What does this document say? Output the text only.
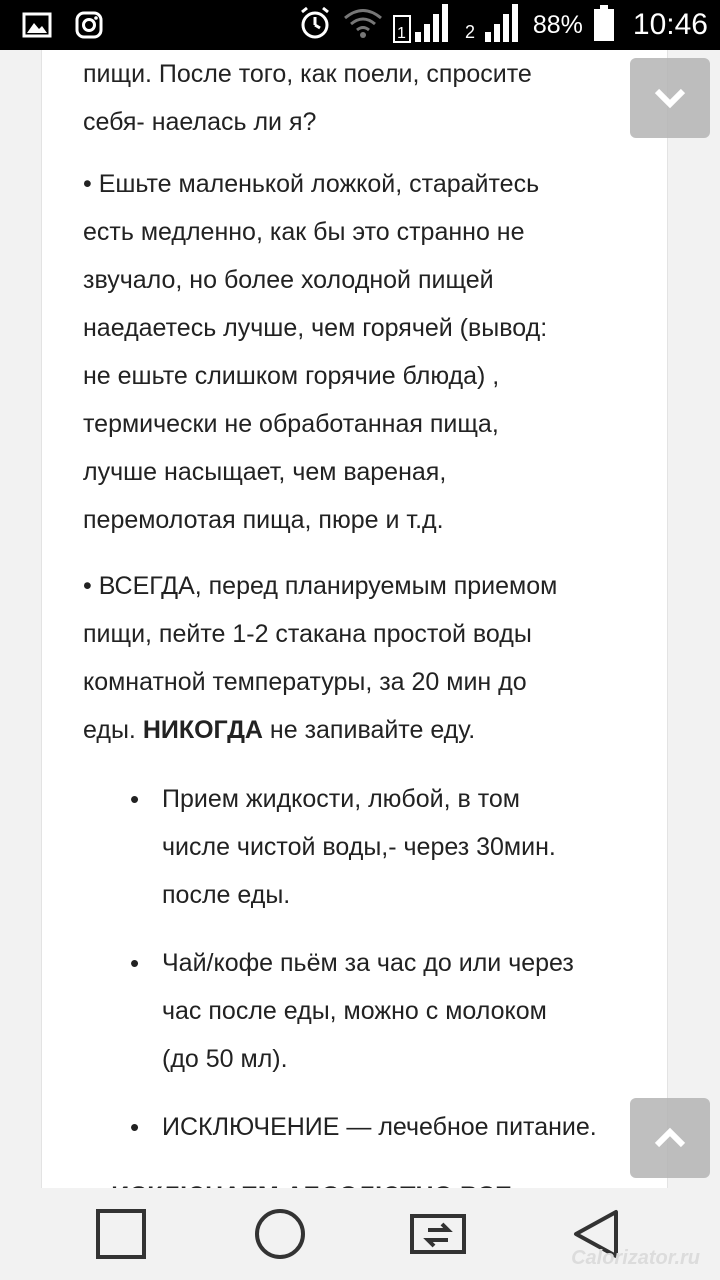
1	2 88% 10:46
пищи. После того, как поели, спросите
себя- наелась ли я?
• Ешьте маленькой ложкой, старайтесь
есть медленно, как бы это странно не
звучало, но более холодной пищей
наедаетесь лучше, чем горячей (вывод:
не ешьте слишком горячие блюда) ,
термически не обработанная пища,
лучше насыщает, чем вареная,
перемолотая пища, пюре и т.д.
• ВСЕГДА, перед планируемым приемом
пищи, пейте 1-2 стакана простой воды
комнатной температуры, за 20 мин до
еды. НИКОГДА не запивайте еду.
• Прием жидкости, любой, в том
числе чистой воды,- через 30мин.
после еды.
• Чай/кофе пьём за час до или через
час после еды, можно с молоком
(до 50 мл).
• ИСКЛЮЧЕНИЕ — лечебное питание.
Calorizator.ru
